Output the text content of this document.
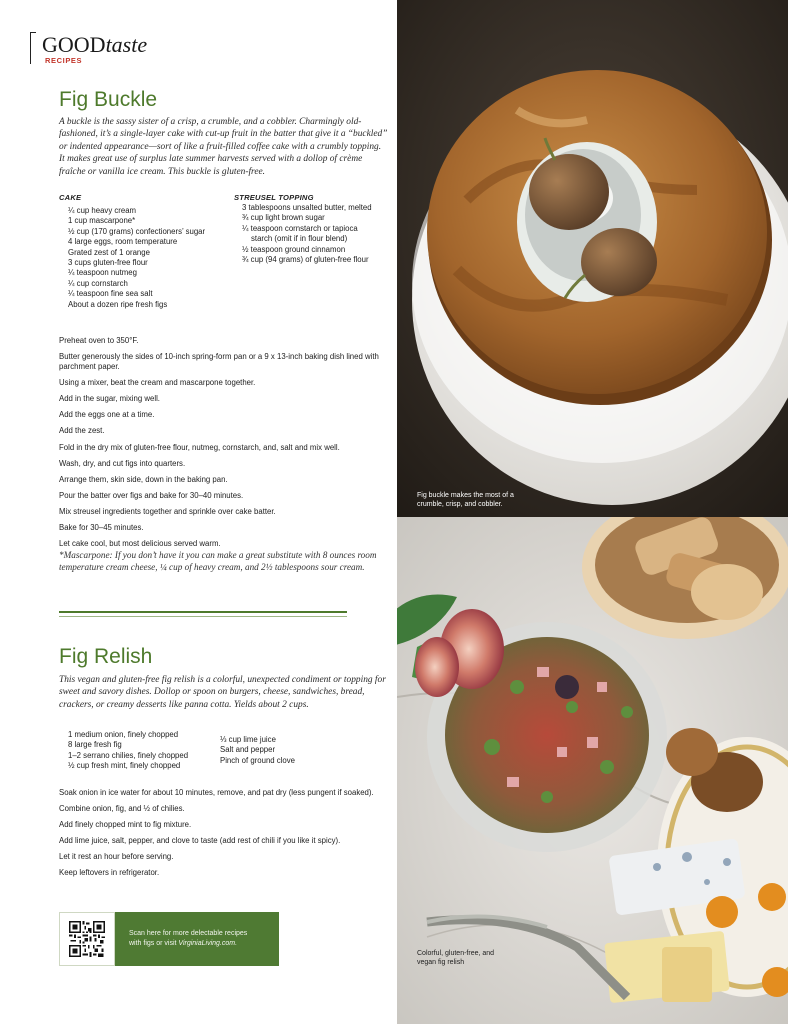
GOODtaste
RECIPES
Fig Buckle

A buckle is the sassy sister of a crisp, a crumble, and a cobbler. Charmingly old-fashioned, it’s a single-layer cake with cut-up fruit in the batter that give it a “buckled” or indented appearance—sort of like a fruit-filled coffee cake with a crumbly topping. It makes great use of surplus late summer harvests served with a dollop of crème fraîche or vanilla ice cream. This buckle is gluten-free.

CAKE
¼ cup heavy cream
1 cup mascarpone*
½ cup (170 grams) confectioners’ sugar
4 large eggs, room temperature
Grated zest of 1 orange
3 cups gluten-free flour
¼ teaspoon nutmeg
¼ cup cornstarch
¼ teaspoon fine sea salt
About a dozen ripe fresh figs
STREUSEL TOPPING
3 tablespoons unsalted butter, melted
¾ cup light brown sugar
¼ teaspoon cornstarch or tapioca
starch (omit if in flour blend)
½ teaspoon ground cinnamon
¾ cup (94 grams) of gluten-free flour

Preheat oven to 350°F.

Butter generously the sides of 10-inch spring-form pan or a 9 x 13-inch baking dish lined with parchment paper.

Using a mixer, beat the cream and mascarpone together.

Add in the sugar, mixing well.

Add the eggs one at a time.

Add the zest.

Fold in the dry mix of gluten-free flour, nutmeg, cornstarch, and, salt and mix well.

Wash, dry, and cut figs into quarters.

Arrange them, skin side, down in the baking pan.

Pour the batter over figs and bake for 30–40 minutes.

Mix streusel ingredients together and sprinkle over cake batter.

Bake for 30–45 minutes.

Let cake cool, but most delicious served warm.

*Mascarpone: If you don’t have it you can make a great substitute with 8 ounces room temperature cream cheese, ¼ cup of heavy cream, and 2½ tablespoons sour cream.

Fig Relish

This vegan and gluten-free fig relish is a colorful, unexpected condiment or topping for sweet and savory dishes. Dollop or spoon on burgers, cheese, sandwiches, bread, crackers, or creamy desserts like panna cotta. Yields about 2 cups.

1 medium onion, finely chopped
8 large fresh fig
1–2 serrano chilies, finely chopped
½ cup fresh mint, finely chopped
⅓ cup lime juice
Salt and pepper
Pinch of ground clove

Soak onion in ice water for about 10 minutes, remove, and pat dry (less pungent if soaked).

Combine onion, fig, and ½ of chilies.

Add finely chopped mint to fig mixture.

Add lime juice, salt, pepper, and clove to taste (add rest of chili if you like it spicy).

Let it rest an hour before serving.

Keep leftovers in refrigerator.

Scan here for more delectable recipes
with figs or visit VirginiaLiving.com.
Fig buckle makes the most of a crumble, crisp, and cobbler.
Colorful, gluten-free, and vegan fig relish
